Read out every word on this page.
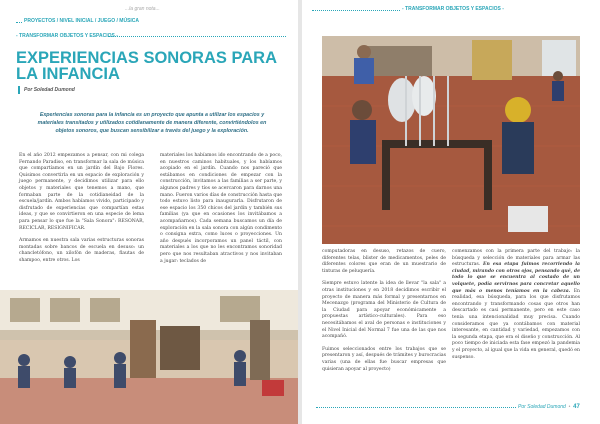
...la gran nota...
PROYECTOS / NIVEL INICIAL / JUEGO / MÚSICA
- TRANSFORMAR OBJETOS Y ESPACIOS -
EXPERIENCIAS SONORAS PARA LA INFANCIA
Por Soledad Dumond

Experiencias sonoras para la infancia es un proyecto que apunta a utilizar los espacios y materiales transitados y utilizados cotidianamente de manera diferente, convirtiéndolos en objetos sonoros, que buscan sensibilizar a través del juego y la exploración.

En el año 2012 empezamos a pensar, con mi colega Fernando Paradiso, en transformar la sala de música que compartíamos en un jardín del Bajo Flores. Quisimos convertirla en un espacio de exploración y juego permanente, y decidimos utilizar para ello objetos y materiales que tenemos a mano, que formaban parte de la cotidianeidad de la escuela/jardín. Ambos habíamos vivido, participado y disfrutado de experiencias que compartían estas ideas, y que se convirtieron en una especie de lema para pensar lo que fue la "Sala Sonora": RESONAR, RECICLAR, RESIGNIFICAR.

Armamos en nuestra sala varias estructuras sonoras montadas sobre bancos de escuela en desuso: un chancletófono, un xilofón de maderas, flautas de shampoo, entre otros. Los

materiales los habíamos ido encontrando de a poco, en nuestros caminos habituales, y los habíamos acopiado en el jardín. Cuando nos pareció que estábamos en condiciones de empezar con la construcción, invitamos a las familias a ser parte, y algunos padres y tíos se acercaron para darnos una mano. Fueron varios días de construcción hasta que todo estuvo listo para inaugurarla. Disfrutaron de ese espacio los 350 chicos del jardín y también sus familias (ya que en ocasiones los invitábamos a acompañarnos). Cada semana buscamos un día de exploración en la sala sonora con algún condimento o consigna extra, como luces o proyecciones. Un año después incorporamos un panel táctil, con materiales a los que no les encontramos sonoridad pero que nos resultaban atractivos y nos invitaban a jugar: teclados de

- TRANSFORMAR OBJETOS Y ESPACIOS -

computadoras en desuso, retazos de cuero, diferentes telas, blister de medicamentos, peles de diferentes colores que eran de un muestrario de tinturas de peluquería.

Siempre estuvo latente la idea de llevar "la sala" a otras instituciones y en 2018 decidimos escribir el proyecto de manera más formal y presentarnos en Mecenazgo (programa del Ministerio de Cultura de la Ciudad para apoyar económicamente a propuestas artístico-culturales). Para eso necesitábamos el aval de personas e instituciones y el Nivel Inicial del Normal 7 fue una de las que nos acompañó.

Fuimos seleccionados entre los trabajos que se presentaron y así, después de trámites y burocracias varias (una de ellas fue buscar empresas que quisieran apoyar al proyecto)

comenzamos con la primera parte del trabajo: la búsqueda y selección de materiales para armar las estructuras. En esa etapa fuimos recorriendo la ciudad, mirando con otros ojos, pensando qué, de todo lo que se encuentra al costado de un volquete, podía servirnos para concretar aquello que más o menos teníamos en la cabeza. En realidad, esa búsqueda, para los que disfrutamos encontrando y transformando cosas que otros han descartado es casi permanente, pero en este caso tenía una intencionalidad muy precisa. Cuando consideramos que ya contábamos con material interesante, en cantidad y variedad, empezamos con la segunda etapa, que era el diseño y construcción. Al poco tiempo de iniciada esta fase empezó la pandemia y el proyecto, al igual que la vida en general, quedó en suspenso.

Por Soledad Dumond  •  47
